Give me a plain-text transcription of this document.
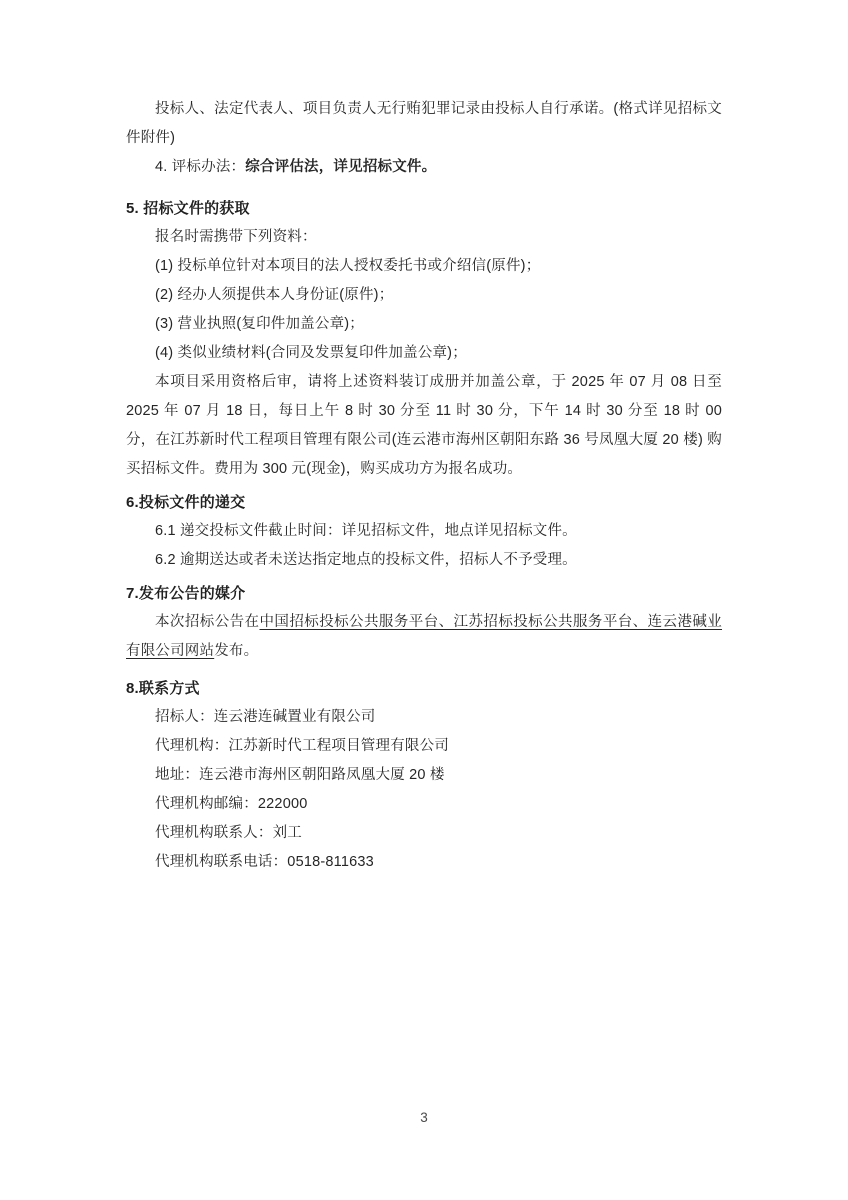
投标人、法定代表人、项目负责人无行贿犯罪记录由投标人自行承诺。(格式详见招标文件附件)

4. 评标办法：综合评估法，详见招标文件。

5. 招标文件的获取

报名时需携带下列资料：

(1) 投标单位针对本项目的法人授权委托书或介绍信(原件)；

(2) 经办人须提供本人身份证(原件)；

(3) 营业执照(复印件加盖公章)；

(4) 类似业绩材料(合同及发票复印件加盖公章)；

本项目采用资格后审，请将上述资料装订成册并加盖公章，于 2025 年 07 月 08 日至 2025 年 07 月 18 日，每日上午 8 时 30 分至 11 时 30 分，下午 14 时 30 分至 18 时 00 分，在江苏新时代工程项目管理有限公司(连云港市海州区朝阳东路 36 号凤凰大厦 20 楼) 购买招标文件。费用为 300 元(现金)，购买成功方为报名成功。

6.投标文件的递交

6.1 递交投标文件截止时间：详见招标文件，地点详见招标文件。

6.2 逾期送达或者未送达指定地点的投标文件，招标人不予受理。

7.发布公告的媒介

本次招标公告在中国招标投标公共服务平台、江苏招标投标公共服务平台、连云港碱业有限公司网站发布。

8.联系方式

招标人：连云港连碱置业有限公司

代理机构：江苏新时代工程项目管理有限公司

地址：连云港市海州区朝阳路凤凰大厦 20 楼

代理机构邮编：222000

代理机构联系人：刘工

代理机构联系电话：0518-811633

3
